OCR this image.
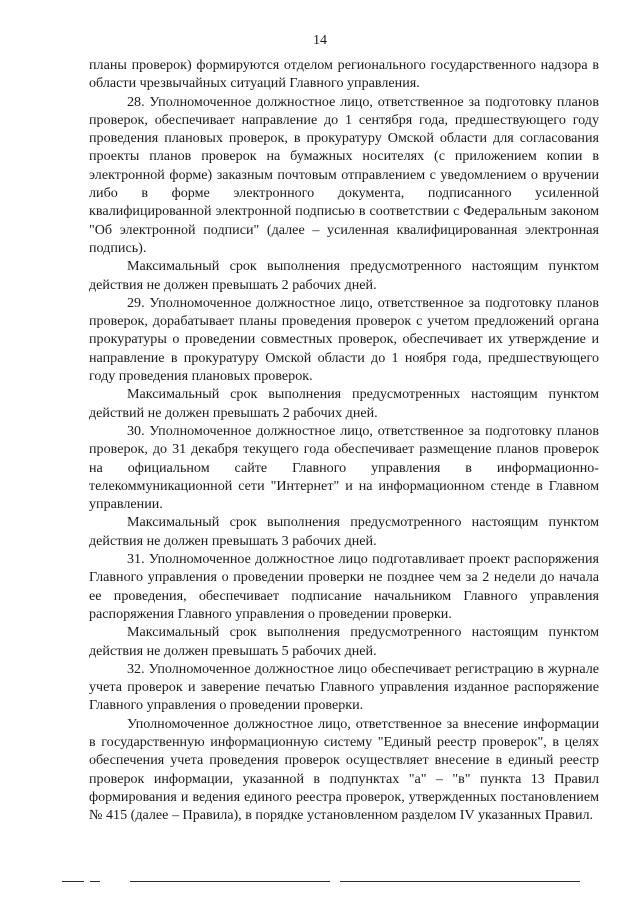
14

планы проверок) формируются отделом регионального государственного надзора в области чрезвычайных ситуаций Главного управления.

28. Уполномоченное должностное лицо, ответственное за подготовку планов проверок, обеспечивает направление до 1 сентября года, предшествующего году проведения плановых проверок, в прокуратуру Омской области для согласования проекты планов проверок на бумажных носителях (с приложением копии в электронной форме) заказным почтовым отправлением с уведомлением о вручении либо в форме электронного документа, подписанного усиленной квалифицированной электронной подписью в соответствии с Федеральным законом "Об электронной подписи" (далее – усиленная квалифицированная электронная подпись).

Максимальный срок выполнения предусмотренного настоящим пунктом действия не должен превышать 2 рабочих дней.

29. Уполномоченное должностное лицо, ответственное за подготовку планов проверок, дорабатывает планы проведения проверок с учетом предложений органа прокуратуры о проведении совместных проверок, обеспечивает их утверждение и направление в прокуратуру Омской области до 1 ноября года, предшествующего году проведения плановых проверок.

Максимальный срок выполнения предусмотренных настоящим пунктом действий не должен превышать 2 рабочих дней.

30. Уполномоченное должностное лицо, ответственное за подготовку планов проверок, до 31 декабря текущего года обеспечивает размещение планов проверок на официальном сайте Главного управления в информационно-телекоммуникационной сети "Интернет" и на информационном стенде в Главном управлении.

Максимальный срок выполнения предусмотренного настоящим пунктом действия не должен превышать 3 рабочих дней.

31. Уполномоченное должностное лицо подготавливает проект распоряжения Главного управления о проведении проверки не позднее чем за 2 недели до начала ее проведения, обеспечивает подписание начальником Главного управления распоряжения Главного управления о проведении проверки.

Максимальный срок выполнения предусмотренного настоящим пунктом действия не должен превышать 5 рабочих дней.

32. Уполномоченное должностное лицо обеспечивает регистрацию в журнале учета проверок и заверение печатью Главного управления изданное распоряжение Главного управления о проведении проверки.

Уполномоченное должностное лицо, ответственное за внесение информации в государственную информационную систему "Единый реестр проверок", в целях обеспечения учета проведения проверок осуществляет внесение в единый реестр проверок информации, указанной в подпунктах "а" – "в" пункта 13 Правил формирования и ведения единого реестра проверок, утвержденных постановлением № 415 (далее – Правила), в порядке установленном разделом IV указанных Правил.
